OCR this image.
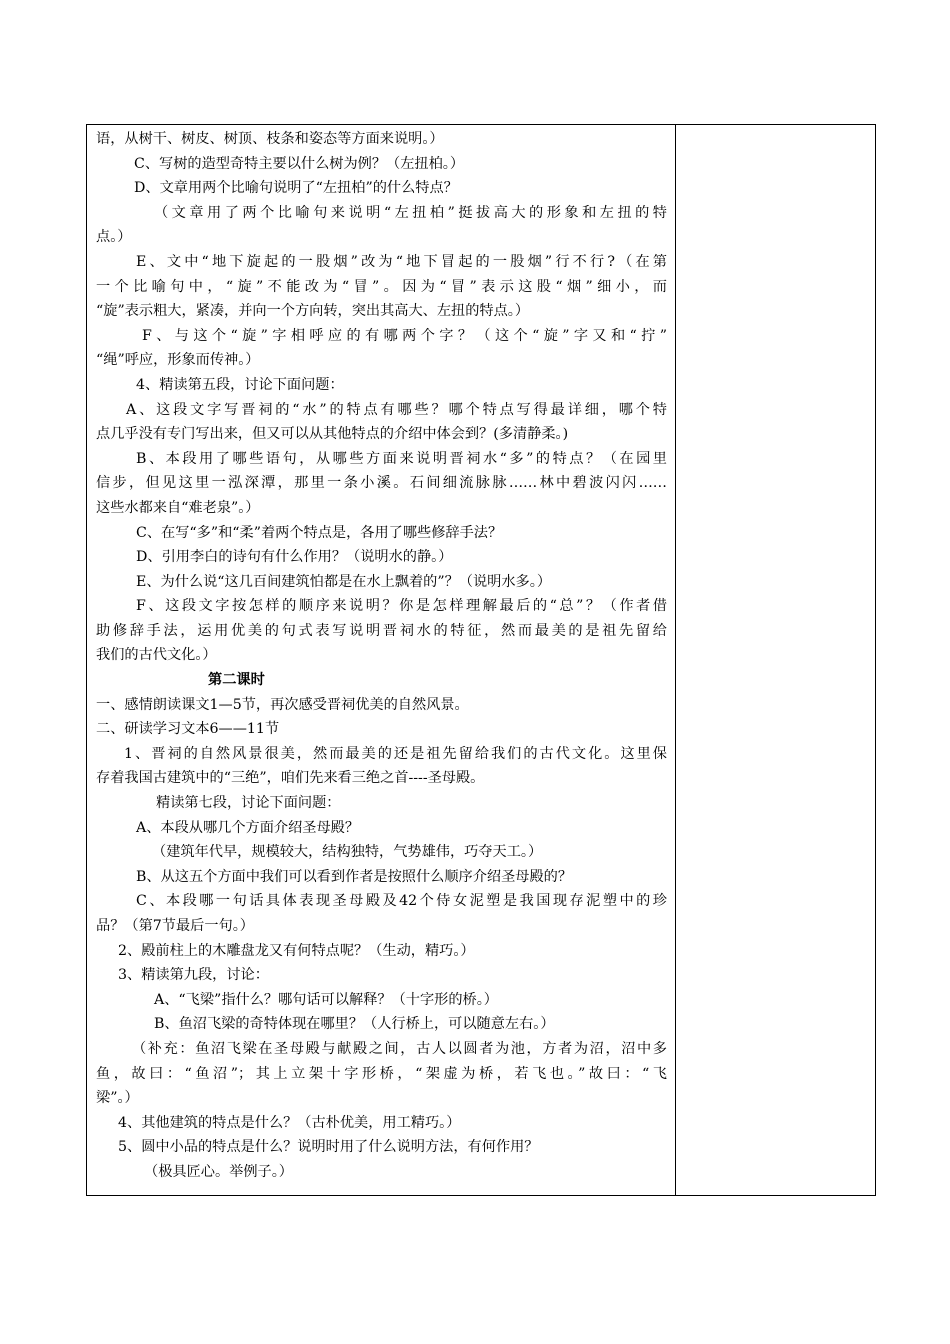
语，从树干、树皮、树顶、枝条和姿态等方面来说明。）
C、写树的造型奇特主要以什么树为例？（左扭柏。）
D、文章用两个比喻句说明了“左扭柏”的什么特点？
（文章用了两个比喻句来说明“左扭柏”挺拔高大的形象和左扭的特
点。）
E、文中“地下旋起的一股烟”改为“地下冒起的一股烟”行不行?（在第
一个比喻句中，“旋”不能改为“冒”。因为“冒”表示这股“烟”细小，而
“旋”表示粗大，紧凑，并向一个方向转，突出其高大、左扭的特点。）
F、与这个“旋”字相呼应的有哪两个字？（这个“旋”字又和“拧”
“绳”呼应，形象而传神。）
4、精读第五段，讨论下面问题：
A、这段文字写晋祠的“水”的特点有哪些？哪个特点写得最详细，哪个特
点几乎没有专门写出来，但又可以从其他特点的介绍中体会到？(多清静柔。)
B、本段用了哪些语句，从哪些方面来说明晋祠水“多”的特点？（在园里
信步，但见这里一泓深潭，那里一条小溪。石间细流脉脉……林中碧波闪闪……
这些水都来自“难老泉”。）
C、在写“多”和“柔”着两个特点是，各用了哪些修辞手法？
D、引用李白的诗句有什么作用？（说明水的静。）
E、为什么说“这几百间建筑怕都是在水上飘着的”？（说明水多。）
F、这段文字按怎样的顺序来说明？你是怎样理解最后的“总”？（作者借
助修辞手法，运用优美的句式表写说明晋祠水的特征，然而最美的是祖先留给
我们的古代文化。）
第二课时
一、感情朗读课文1—5节，再次感受晋祠优美的自然风景。
二、研读学习文本6——11节
1、晋祠的自然风景很美，然而最美的还是祖先留给我们的古代文化。这里保
存着我国古建筑中的“三绝”，咱们先来看三绝之首----圣母殿。
精读第七段，讨论下面问题：
A、本段从哪几个方面介绍圣母殿？
（建筑年代早，规模较大，结构独特，气势雄伟，巧夺天工。）
B、从这五个方面中我们可以看到作者是按照什么顺序介绍圣母殿的？
C、本段哪一句话具体表现圣母殿及42个侍女泥塑是我国现存泥塑中的珍
品？（第7节最后一句。）
2、殿前柱上的木雕盘龙又有何特点呢？（生动，精巧。）
3、精读第九段，讨论：
A、“飞梁”指什么？哪句话可以解释？（十字形的桥。）
B、鱼沼飞梁的奇特体现在哪里？（人行桥上，可以随意左右。）
（补充：鱼沼飞梁在圣母殿与献殿之间，古人以圆者为池，方者为沼，沼中多
鱼，故曰：“鱼沼”；其上立架十字形桥，“架虚为桥，若飞也。”故曰：“飞
梁”。）
4、其他建筑的特点是什么？（古朴优美，用工精巧。）
5、圆中小品的特点是什么？说明时用了什么说明方法，有何作用？
（极具匠心。举例子。）
